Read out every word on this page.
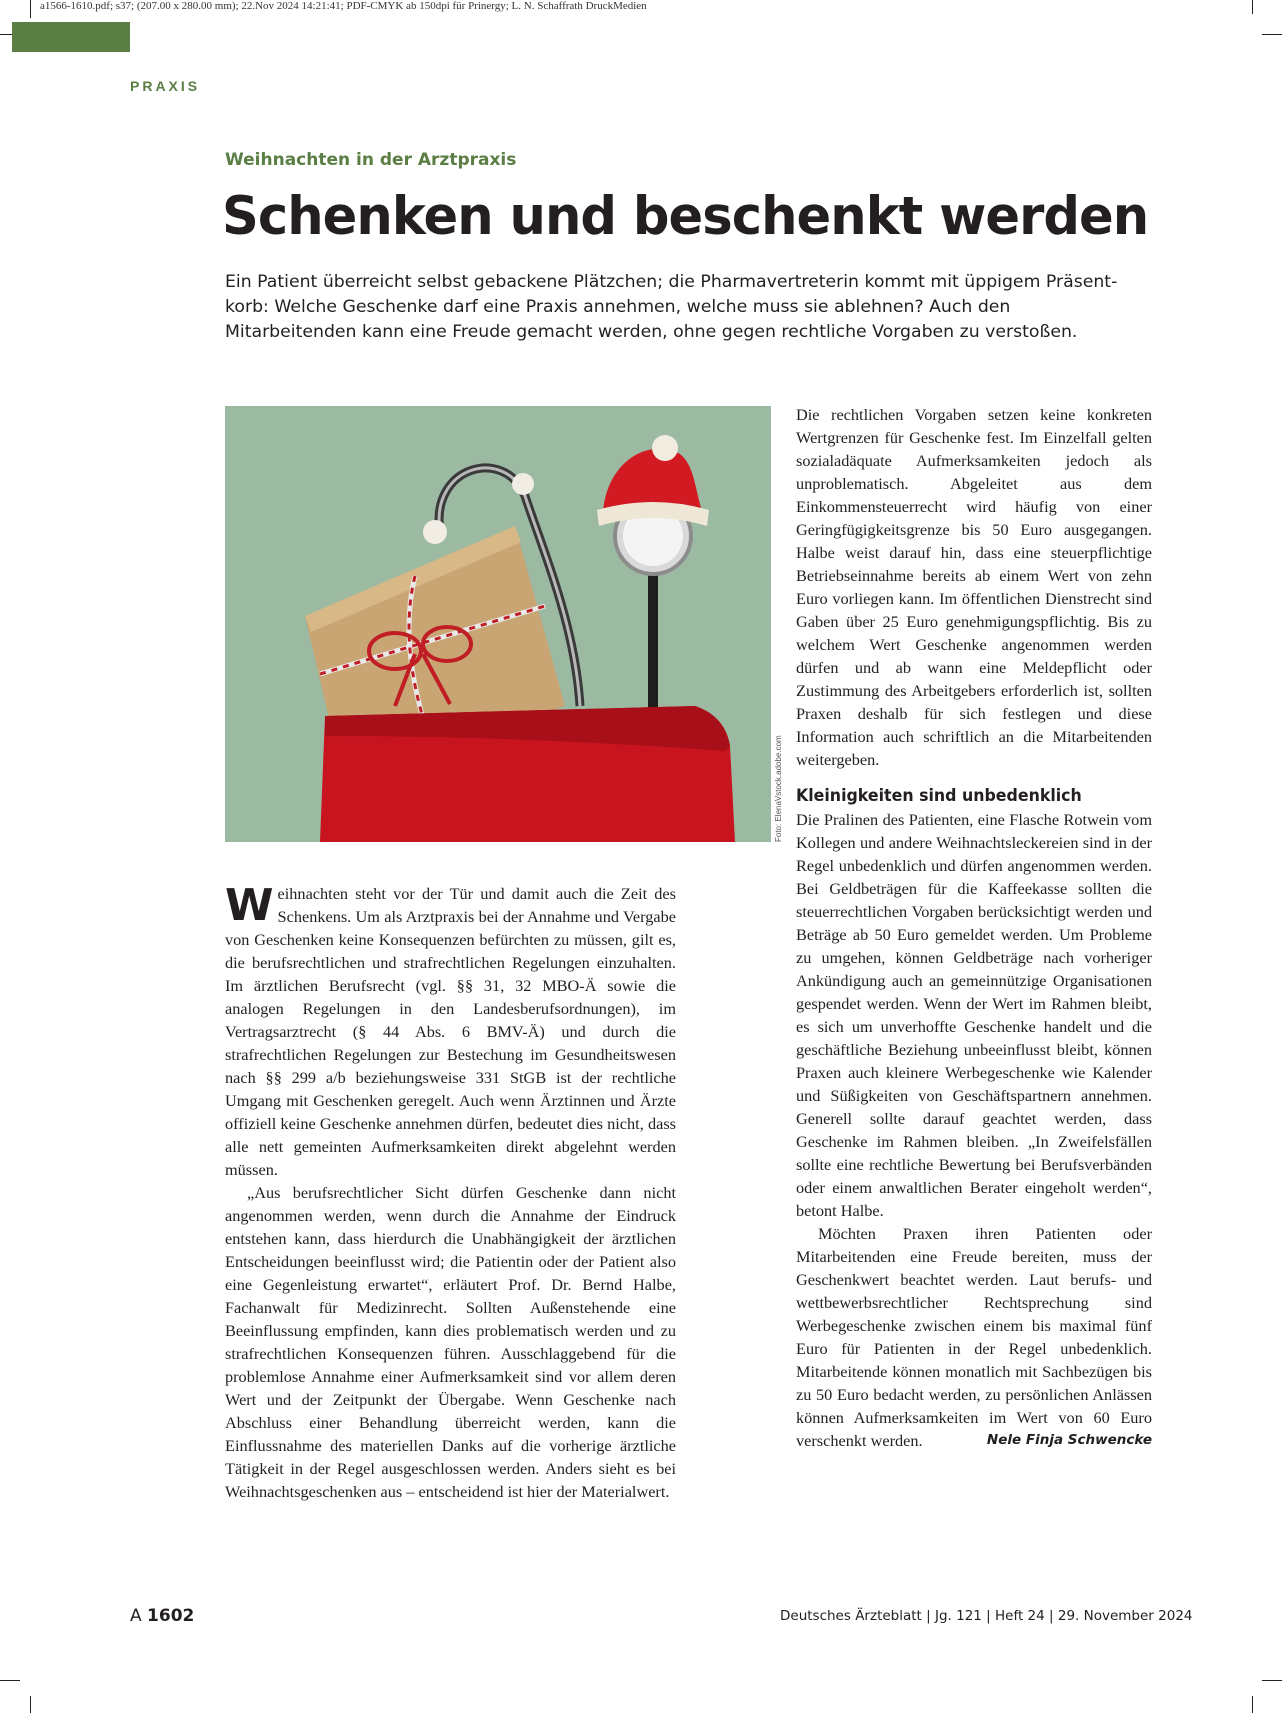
a1566-1610.pdf; s37; (207.00 x 280.00 mm); 22.Nov 2024 14:21:41; PDF-CMYK ab 150dpi für Prinergy; L. N. Schaffrath DruckMedien
PRAXIS
Weihnachten in der Arztpraxis
Schenken und beschenkt werden
Ein Patient überreicht selbst gebackene Plätzchen; die Pharmavertreterin kommt mit üppigem Präsent-
korb: Welche Geschenke darf eine Praxis annehmen, welche muss sie ablehnen? Auch den
Mitarbeitenden kann eine Freude gemacht werden, ohne gegen rechtliche Vorgaben zu verstoßen.
Foto: ElenaVstock.adobe.com

Weihnachten steht vor der Tür und damit auch die Zeit des Schenkens. Um als Arztpraxis bei der Annahme und Vergabe von Geschenken keine Konsequenzen befürchten zu müssen, gilt es, die berufsrechtlichen und strafrechtlichen Regelungen einzuhalten. Im ärztlichen Berufsrecht (vgl. §§ 31, 32 MBO-Ä sowie die analogen Regelungen in den Landesberufsordnungen), im Vertragsarztrecht (§ 44 Abs. 6 BMV-Ä) und durch die strafrechtlichen Regelungen zur Bestechung im Gesundheitswesen nach §§ 299 a/b beziehungsweise 331 StGB ist der rechtliche Umgang mit Geschenken geregelt. Auch wenn Ärztinnen und Ärzte offiziell keine Geschenke annehmen dürfen, bedeutet dies nicht, dass alle nett gemeinten Aufmerksamkeiten direkt abgelehnt werden müssen.

„Aus berufsrechtlicher Sicht dürfen Geschenke dann nicht angenommen werden, wenn durch die Annahme der Eindruck entstehen kann, dass hierdurch die Unabhängigkeit der ärztlichen Entscheidungen beeinflusst wird; die Patientin oder der Patient also eine Gegenleistung erwartet“, erläutert Prof. Dr. Bernd Halbe, Fachanwalt für Medizinrecht. Sollten Außenstehende eine Beeinflussung empfinden, kann dies problematisch werden und zu strafrechtlichen Konsequenzen führen. Ausschlaggebend für die problemlose Annahme einer Aufmerksamkeit sind vor allem deren Wert und der Zeitpunkt der Übergabe. Wenn Geschenke nach Abschluss einer Behandlung überreicht werden, kann die Einflussnahme des materiellen Danks auf die vorherige ärztliche Tätigkeit in der Regel ausgeschlossen werden. Anders sieht es bei Weihnachtsgeschenken aus – entscheidend ist hier der Materialwert.

Die rechtlichen Vorgaben setzen keine konkreten Wertgrenzen für Geschenke fest. Im Einzelfall gelten sozialadäquate Aufmerksamkeiten jedoch als unproblematisch. Abgeleitet aus dem Einkommensteuerrecht wird häufig von einer Geringfügigkeitsgrenze bis 50 Euro ausgegangen. Halbe weist darauf hin, dass eine steuerpflichtige Betriebseinnahme bereits ab einem Wert von zehn Euro vorliegen kann. Im öffentlichen Dienstrecht sind Gaben über 25 Euro genehmigungspflichtig. Bis zu welchem Wert Geschenke angenommen werden dürfen und ab wann eine Meldepflicht oder Zustimmung des Arbeitgebers erforderlich ist, sollten Praxen deshalb für sich festlegen und diese Information auch schriftlich an die Mitarbeitenden weitergeben.

Kleinigkeiten sind unbedenklich

Die Pralinen des Patienten, eine Flasche Rotwein vom Kollegen und andere Weihnachtsleckereien sind in der Regel unbedenklich und dürfen angenommen werden. Bei Geldbeträgen für die Kaffeekasse sollten die steuerrechtlichen Vorgaben berücksichtigt werden und Beträge ab 50 Euro gemeldet werden. Um Probleme zu umgehen, können Geldbeträge nach vorheriger Ankündigung auch an gemeinnützige Organisationen gespendet werden. Wenn der Wert im Rahmen bleibt, es sich um unverhoffte Geschenke handelt und die geschäftliche Beziehung unbeeinflusst bleibt, können Praxen auch kleinere Werbegeschenke wie Kalender und Süßigkeiten von Geschäftspartnern annehmen. Generell sollte darauf geachtet werden, dass Geschenke im Rahmen bleiben. „In Zweifelsfällen sollte eine rechtliche Bewertung bei Berufsverbänden oder einem anwaltlichen Berater eingeholt werden“, betont Halbe.

Möchten Praxen ihren Patienten oder Mitarbeitenden eine Freude bereiten, muss der Geschenkwert beachtet werden. Laut berufs- und wettbewerbsrechtlicher Rechtsprechung sind Werbegeschenke zwischen einem bis maximal fünf Euro für Patienten in der Regel unbedenklich. Mitarbeitende können monatlich mit Sachbezügen bis zu 50 Euro bedacht werden, zu persönlichen Anlässen können Aufmerksamkeiten im Wert von 60 Euro verschenkt werden.	Nele Finja Schwencke

A 1602	Deutsches Ärzteblatt | Jg. 121 | Heft 24 | 29. November 2024
